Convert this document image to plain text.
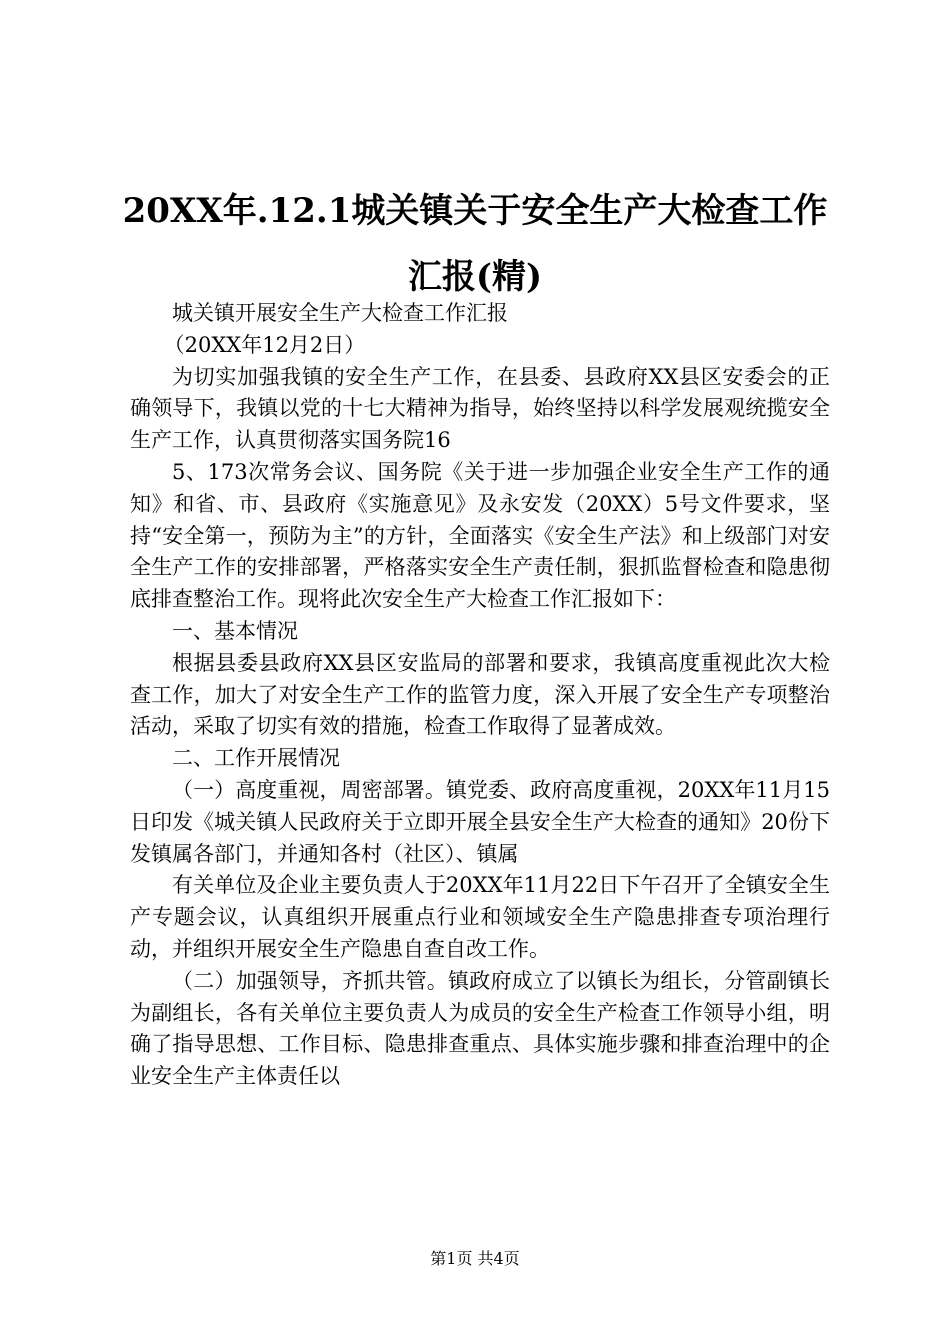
20XX年.12.1城关镇关于安全生产大检查工作
汇报(精)

城关镇开展安全生产大检查工作汇报

（20XX年12月2日）

为切实加强我镇的安全生产工作，在县委、县政府XX县区安委会的正确领导下，我镇以党的十七大精神为指导，始终坚持以科学发展观统揽安全生产工作，认真贯彻落实国务院16

5、173次常务会议、国务院《关于进一步加强企业安全生产工作的通知》和省、市、县政府《实施意见》及永安发（20XX）5号文件要求，坚持“安全第一，预防为主”的方针，全面落实《安全生产法》和上级部门对安全生产工作的安排部署，严格落实安全生产责任制，狠抓监督检查和隐患彻底排查整治工作。现将此次安全生产大检查工作汇报如下：

一、基本情况

根据县委县政府XX县区安监局的部署和要求，我镇高度重视此次大检查工作，加大了对安全生产工作的监管力度，深入开展了安全生产专项整治活动，采取了切实有效的措施，检查工作取得了显著成效。

二、工作开展情况

（一）高度重视，周密部署。镇党委、政府高度重视，20XX年11月15日印发《城关镇人民政府关于立即开展全县安全生产大检查的通知》20份下发镇属各部门，并通知各村（社区）、镇属

有关单位及企业主要负责人于20XX年11月22日下午召开了全镇安全生产专题会议，认真组织开展重点行业和领域安全生产隐患排查专项治理行动，并组织开展安全生产隐患自查自改工作。

（二）加强领导，齐抓共管。镇政府成立了以镇长为组长，分管副镇长为副组长，各有关单位主要负责人为成员的安全生产检查工作领导小组，明确了指导思想、工作目标、隐患排查重点、具体实施步骤和排查治理中的企业安全生产主体责任以

第1页 共4页
